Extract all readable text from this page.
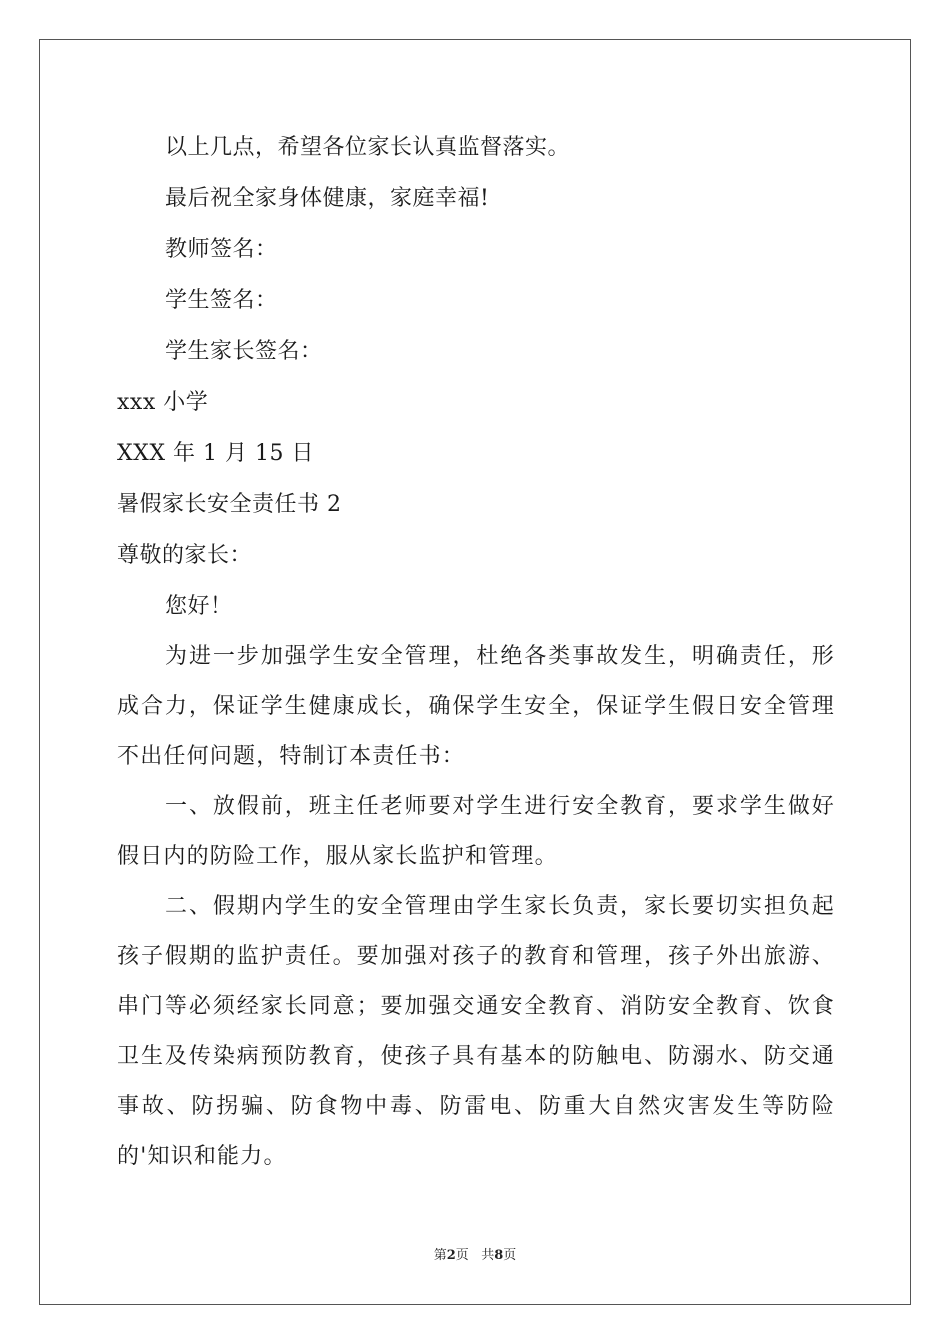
以上几点，希望各位家长认真监督落实。
最后祝全家身体健康，家庭幸福!
教师签名：
学生签名：
学生家长签名：
xxx 小学
XXX 年 1 月 15 日
暑假家长安全责任书 2
尊敬的家长：
您好！
为进一步加强学生安全管理，杜绝各类事故发生，明确责任，形成合力，保证学生健康成长，确保学生安全，保证学生假日安全管理不出任何问题，特制订本责任书：
一、放假前，班主任老师要对学生进行安全教育，要求学生做好假日内的防险工作，服从家长监护和管理。
二、假期内学生的安全管理由学生家长负责，家长要切实担负起孩子假期的监护责任。要加强对孩子的教育和管理，孩子外出旅游、串门等必须经家长同意；要加强交通安全教育、消防安全教育、饮食卫生及传染病预防教育，使孩子具有基本的防触电、防溺水、防交通事故、防拐骗、防食物中毒、防雷电、防重大自然灾害发生等防险的'知识和能力。
第2页 共8页
